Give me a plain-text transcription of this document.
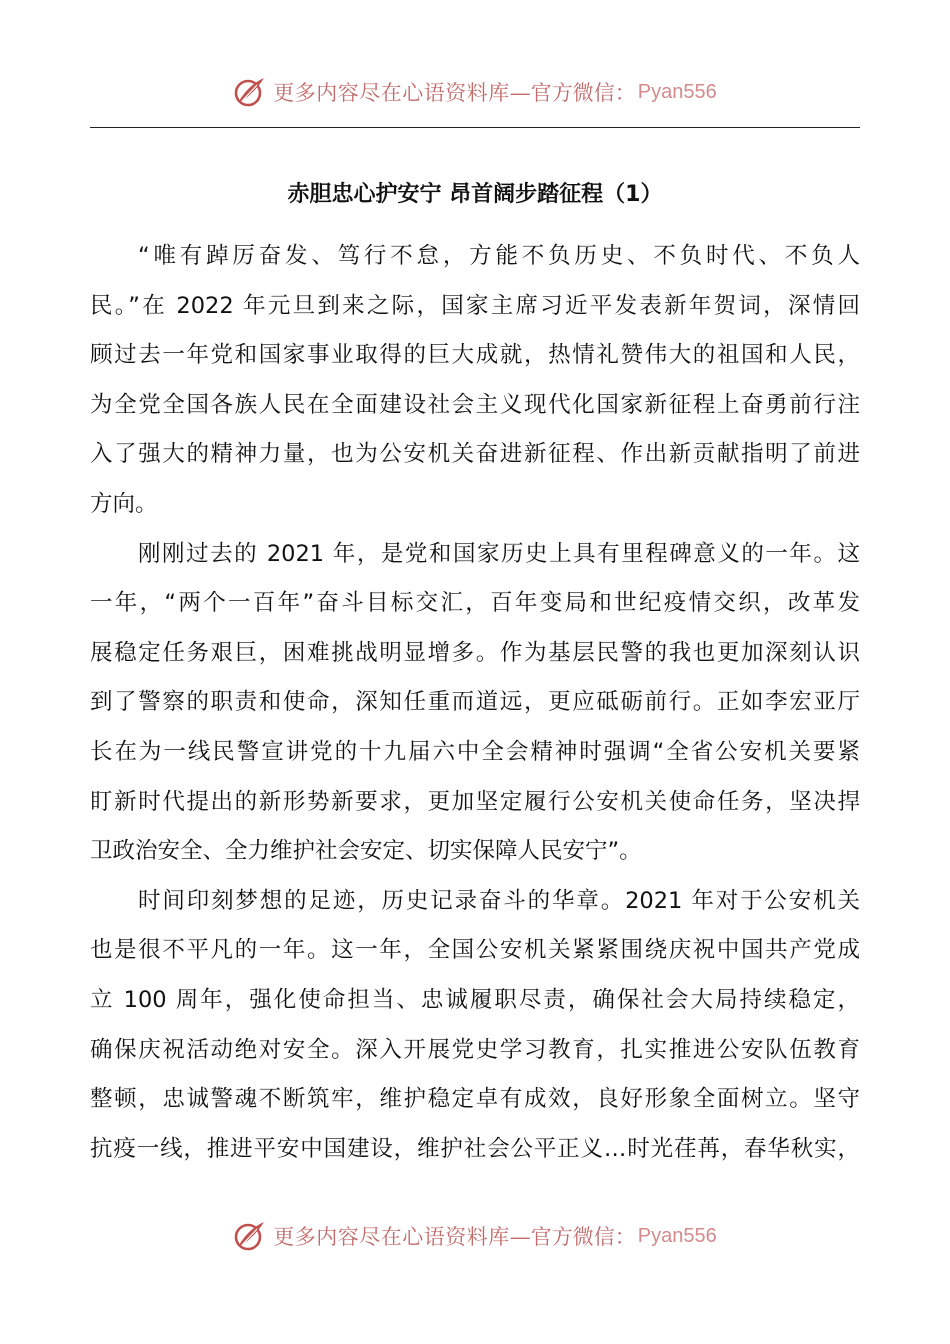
更多内容尽在心语资料库 —官方微信： Pyan556
赤胆忠心护安宁 昂首阔步踏征程（1）
“唯有踔厉奋发、笃行不怠，方能不负历史、不负时代、不负人
民。”在 2022 年元旦到来之际，国家主席习近平发表新年贺词，深情回
顾过去一年党和国家事业取得的巨大成就，热情礼赞伟大的祖国和人民，
为全党全国各族人民在全面建设社会主义现代化国家新征程上奋勇前行注
入了强大的精神力量，也为公安机关奋进新征程、作出新贡献指明了前进
方向。
刚刚过去的 2021 年，是党和国家历史上具有里程碑意义的一年。这
一年，“两个一百年”奋斗目标交汇，百年变局和世纪疫情交织，改革发
展稳定任务艰巨，困难挑战明显增多。作为基层民警的我也更加深刻认识
到了警察的职责和使命，深知任重而道远，更应砥砺前行。正如李宏亚厅
长在为一线民警宣讲党的十九届六中全会精神时强调“全省公安机关要紧
盯新时代提出的新形势新要求，更加坚定履行公安机关使命任务，坚决捍
卫政治安全、全力维护社会安定、切实保障人民安宁”。
时间印刻梦想的足迹，历史记录奋斗的华章。2021 年对于公安机关
也是很不平凡的一年。这一年，全国公安机关紧紧围绕庆祝中国共产党成
立 100 周年，强化使命担当、忠诚履职尽责，确保社会大局持续稳定，
确保庆祝活动绝对安全。深入开展党史学习教育，扎实推进公安队伍教育
整顿，忠诚警魂不断筑牢，维护稳定卓有成效，良好形象全面树立。坚守
抗疫一线，推进平安中国建设，维护社会公平正义…时光荏苒，春华秋实，
更多内容尽在心语资料库 —官方微信： Pyan556
